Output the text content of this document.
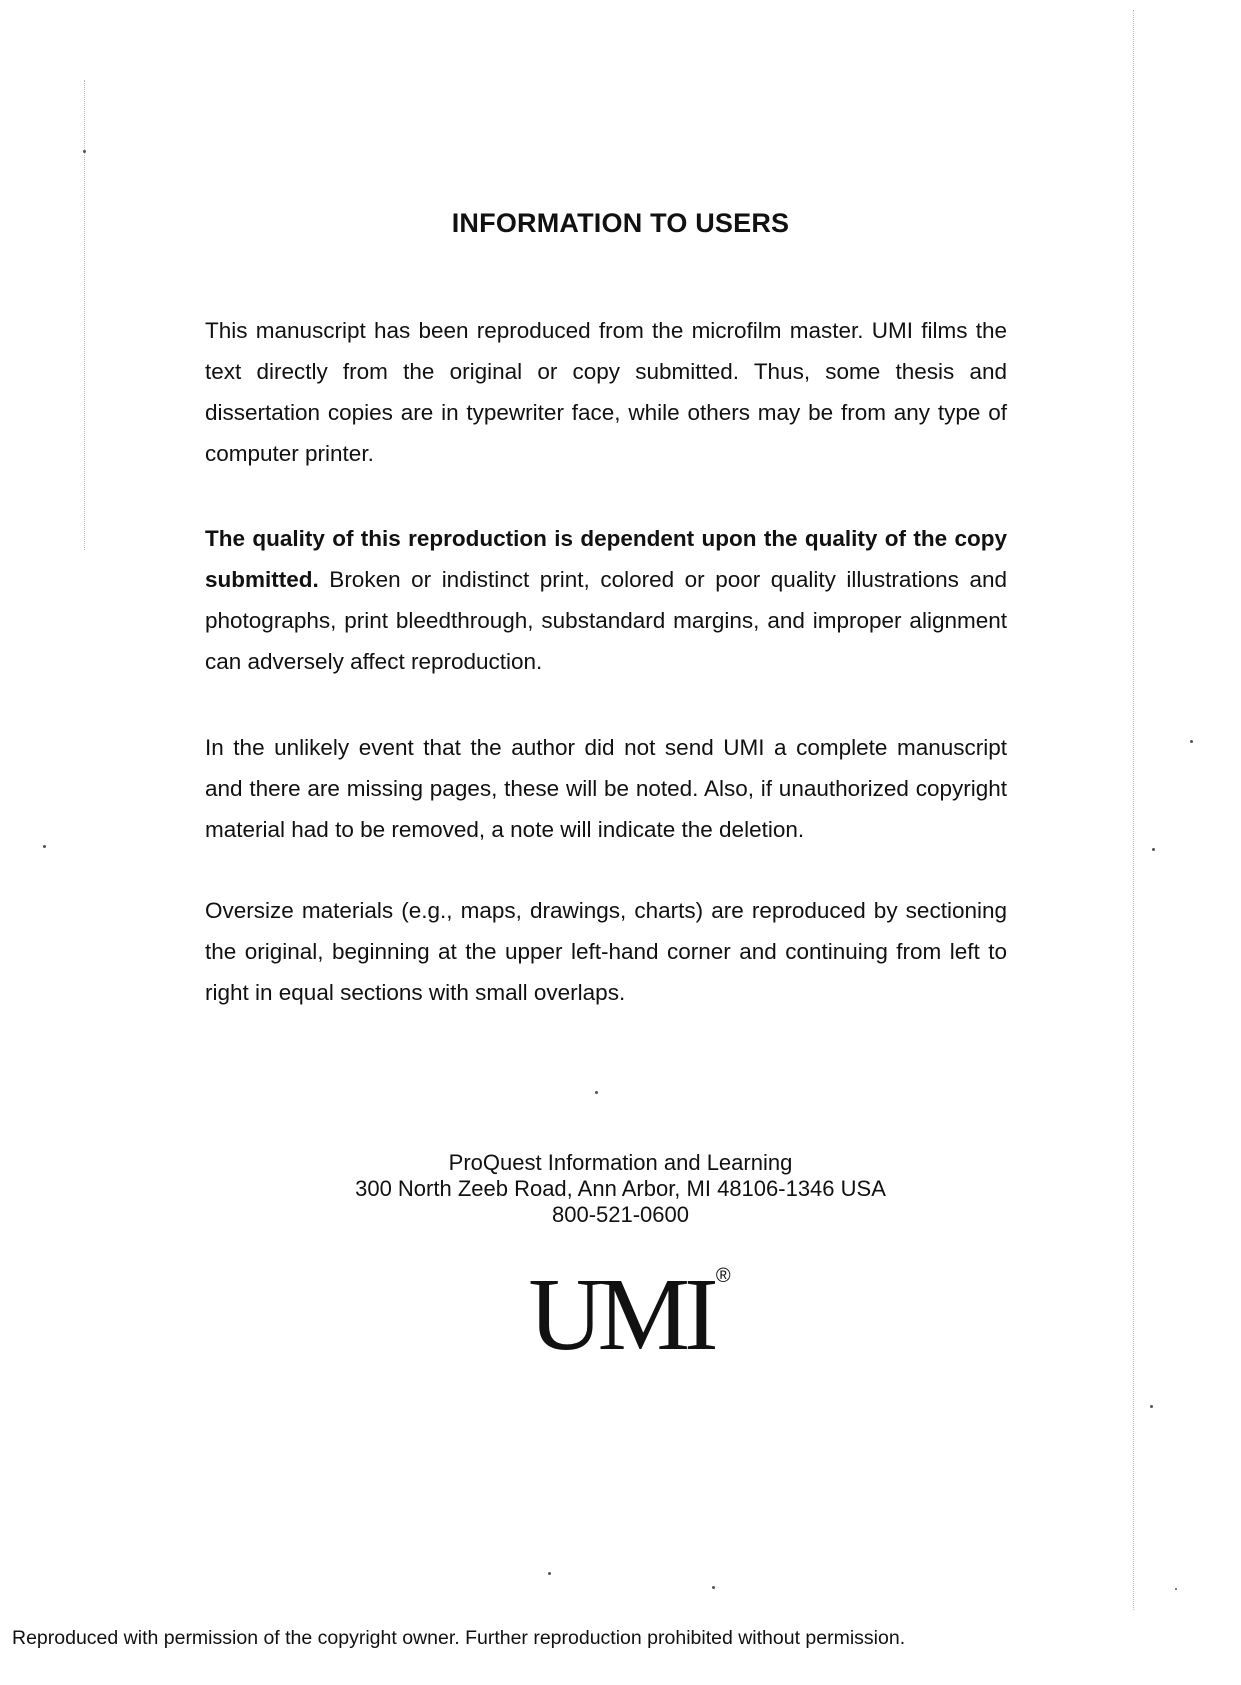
INFORMATION TO USERS

This manuscript has been reproduced from the microfilm master. UMI films the text directly from the original or copy submitted. Thus, some thesis and dissertation copies are in typewriter face, while others may be from any type of computer printer.

The quality of this reproduction is dependent upon the quality of the copy submitted. Broken or indistinct print, colored or poor quality illustrations and photographs, print bleedthrough, substandard margins, and improper alignment can adversely affect reproduction.

In the unlikely event that the author did not send UMI a complete manuscript and there are missing pages, these will be noted. Also, if unauthorized copyright material had to be removed, a note will indicate the deletion.

Oversize materials (e.g., maps, drawings, charts) are reproduced by sectioning the original, beginning at the upper left-hand corner and continuing from left to right in equal sections with small overlaps.

ProQuest Information and Learning
300 North Zeeb Road, Ann Arbor, MI 48106-1346 USA
800-521-0600
UMI ®
Reproduced with permission of the copyright owner. Further reproduction prohibited without permission.
